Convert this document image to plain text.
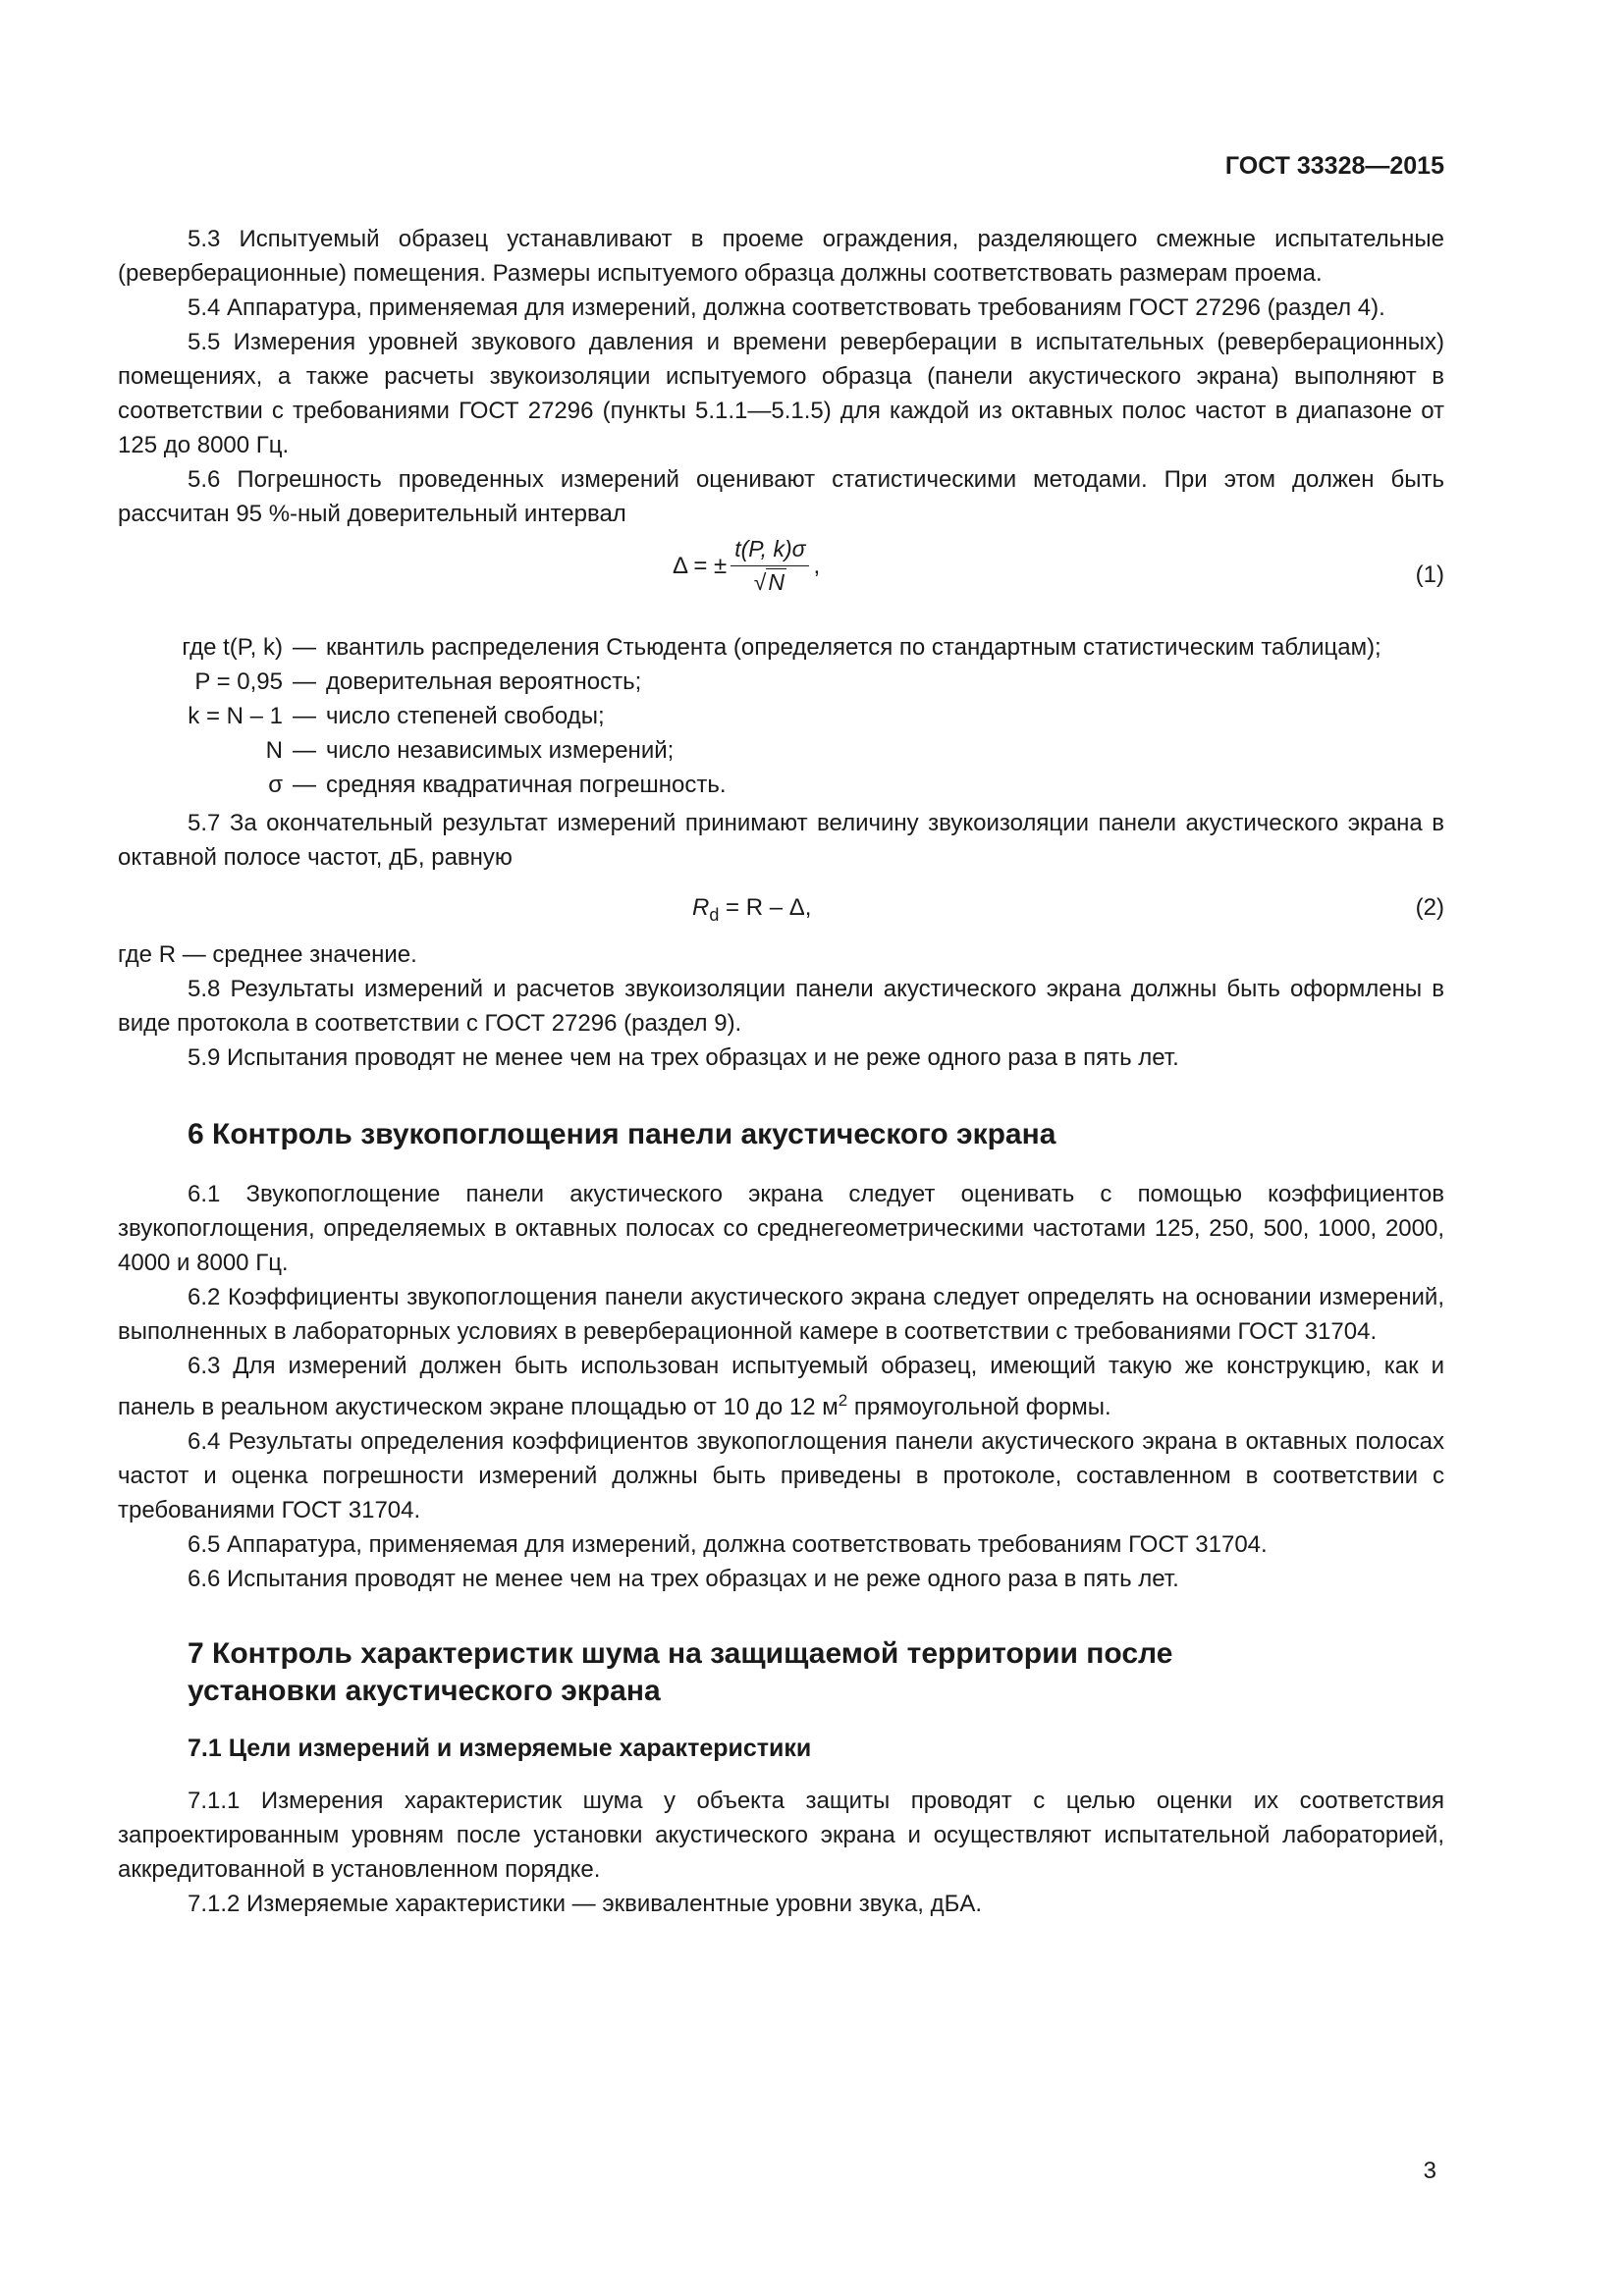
ГОСТ 33328—2015

5.3 Испытуемый образец устанавливают в проеме ограждения, разделяющего смежные испытательные (реверберационные) помещения. Размеры испытуемого образца должны соответствовать размерам проема.

5.4 Аппаратура, применяемая для измерений, должна соответствовать требованиям ГОСТ 27296 (раздел 4).

5.5 Измерения уровней звукового давления и времени реверберации в испытательных (реверберационных) помещениях, а также расчеты звукоизоляции испытуемого образца (панели акустического экрана) выполняют в соответствии с требованиями ГОСТ 27296 (пункты 5.1.1—5.1.5) для каждой из октавных полос частот в диапазоне от 125 до 8000 Гц.

5.6 Погрешность проведенных измерений оценивают статистическими методами. При этом должен быть рассчитан 95 %-ный доверительный интервал

Δ = ± $\frac{t(P, k)\sigma}{√N}$ ,	(1)
где t(P, k) — квантиль распределения Стьюдента (определяется по стандартным статистическим таблицам);
P = 0,95 — доверительная вероятность;
k = N – 1 — число степеней свободы;
N — число независимых измерений;
σ — средняя квадратичная погрешность.

5.7 За окончательный результат измерений принимают величину звукоизоляции панели акустического экрана в октавной полосе частот, дБ, равную

$R_d = R - \Delta$,	(2)

где R — среднее значение.

5.8 Результаты измерений и расчетов звукоизоляции панели акустического экрана должны быть оформлены в виде протокола в соответствии с ГОСТ 27296 (раздел 9).

5.9 Испытания проводят не менее чем на трех образцах и не реже одного раза в пять лет.

6 Контроль звукопоглощения панели акустического экрана

6.1 Звукопоглощение панели акустического экрана следует оценивать с помощью коэффициентов звукопоглощения, определяемых в октавных полосах со среднегеометрическими частотами 125, 250, 500, 1000, 2000, 4000 и 8000 Гц.

6.2 Коэффициенты звукопоглощения панели акустического экрана следует определять на основании измерений, выполненных в лабораторных условиях в реверберационной камере в соответствии с требованиями ГОСТ 31704.

6.3 Для измерений должен быть использован испытуемый образец, имеющий такую же конструкцию, как и панель в реальном акустическом экране площадью от 10 до 12 $м^2$ прямоугольной формы.

6.4 Результаты определения коэффициентов звукопоглощения панели акустического экрана в октавных полосах частот и оценка погрешности измерений должны быть приведены в протоколе, составленном в соответствии с требованиями ГОСТ 31704.

6.5 Аппаратура, применяемая для измерений, должна соответствовать требованиям ГОСТ 31704.

6.6 Испытания проводят не менее чем на трех образцах и не реже одного раза в пять лет.

7 Контроль характеристик шума на защищаемой территории после
установки акустического экрана
7.1 Цели измерений и измеряемые характеристики

7.1.1 Измерения характеристик шума у объекта защиты проводят с целью оценки их соответствия запроектированным уровням после установки акустического экрана и осуществляют испытательной лабораторией, аккредитованной в установленном порядке.

7.1.2 Измеряемые характеристики — эквивалентные уровни звука, дБA.

3
